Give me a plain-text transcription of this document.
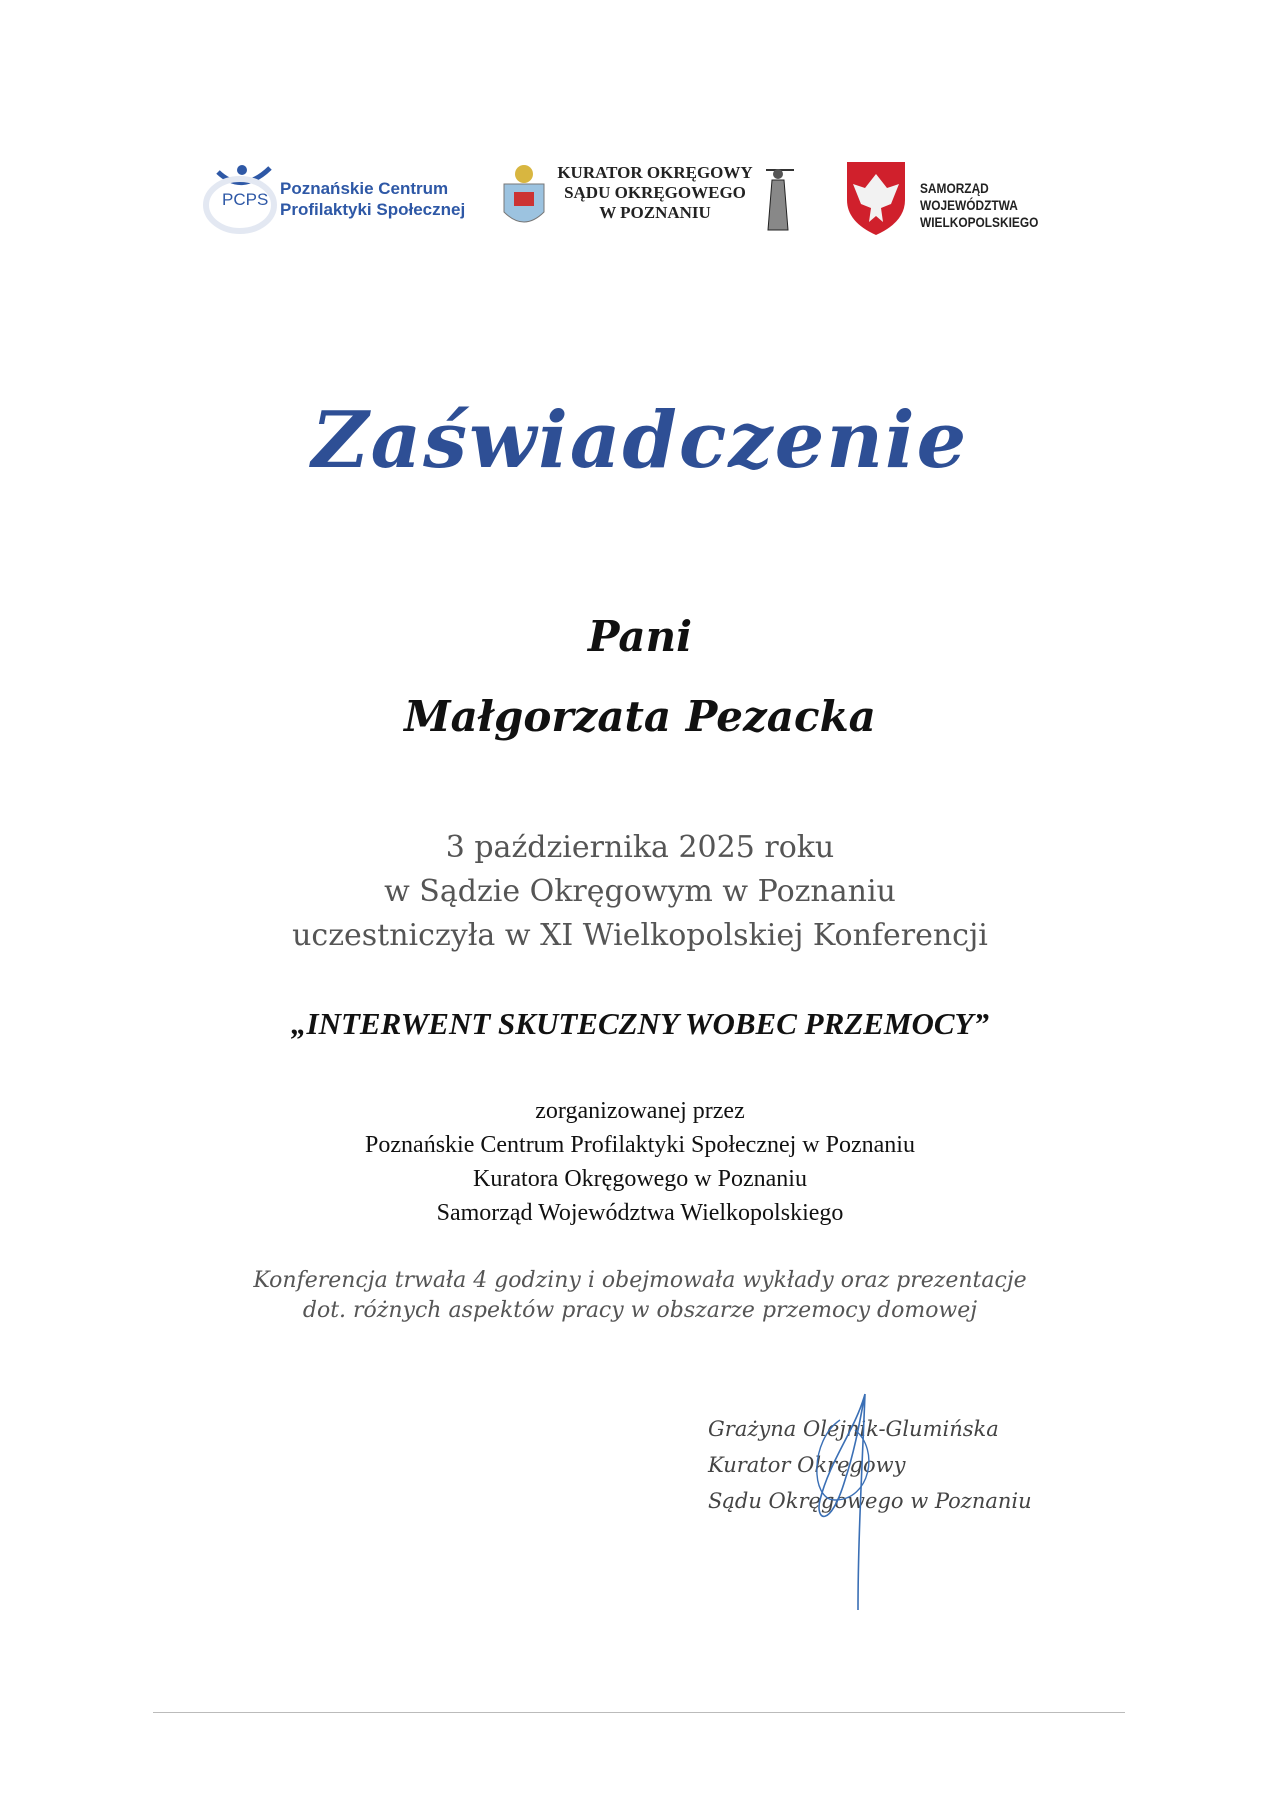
PCPS
Poznańskie Centrum
Profilaktyki Społecznej
KURATOR OKRĘGOWY
SĄDU OKRĘGOWEGO
W POZNANIU
SAMORZĄD WOJEWÓDZTWA
WIELKOPOLSKIEGO
Zaświadczenie
Pani
Małgorzata Pezacka
3 października 2025 roku
w Sądzie Okręgowym w Poznaniu
uczestniczyła w XI Wielkopolskiej Konferencji
„INTERWENT SKUTECZNY WOBEC PRZEMOCY”
zorganizowanej przez
Poznańskie Centrum Profilaktyki Społecznej w Poznaniu
Kuratora Okręgowego w Poznaniu
Samorząd Województwa Wielkopolskiego
Konferencja trwała 4 godziny i obejmowała wykłady oraz prezentacje
dot. różnych aspektów pracy w obszarze przemocy domowej
Grażyna Olejnik-Glumińska
Kurator Okręgowy
Sądu Okręgowego w Poznaniu
